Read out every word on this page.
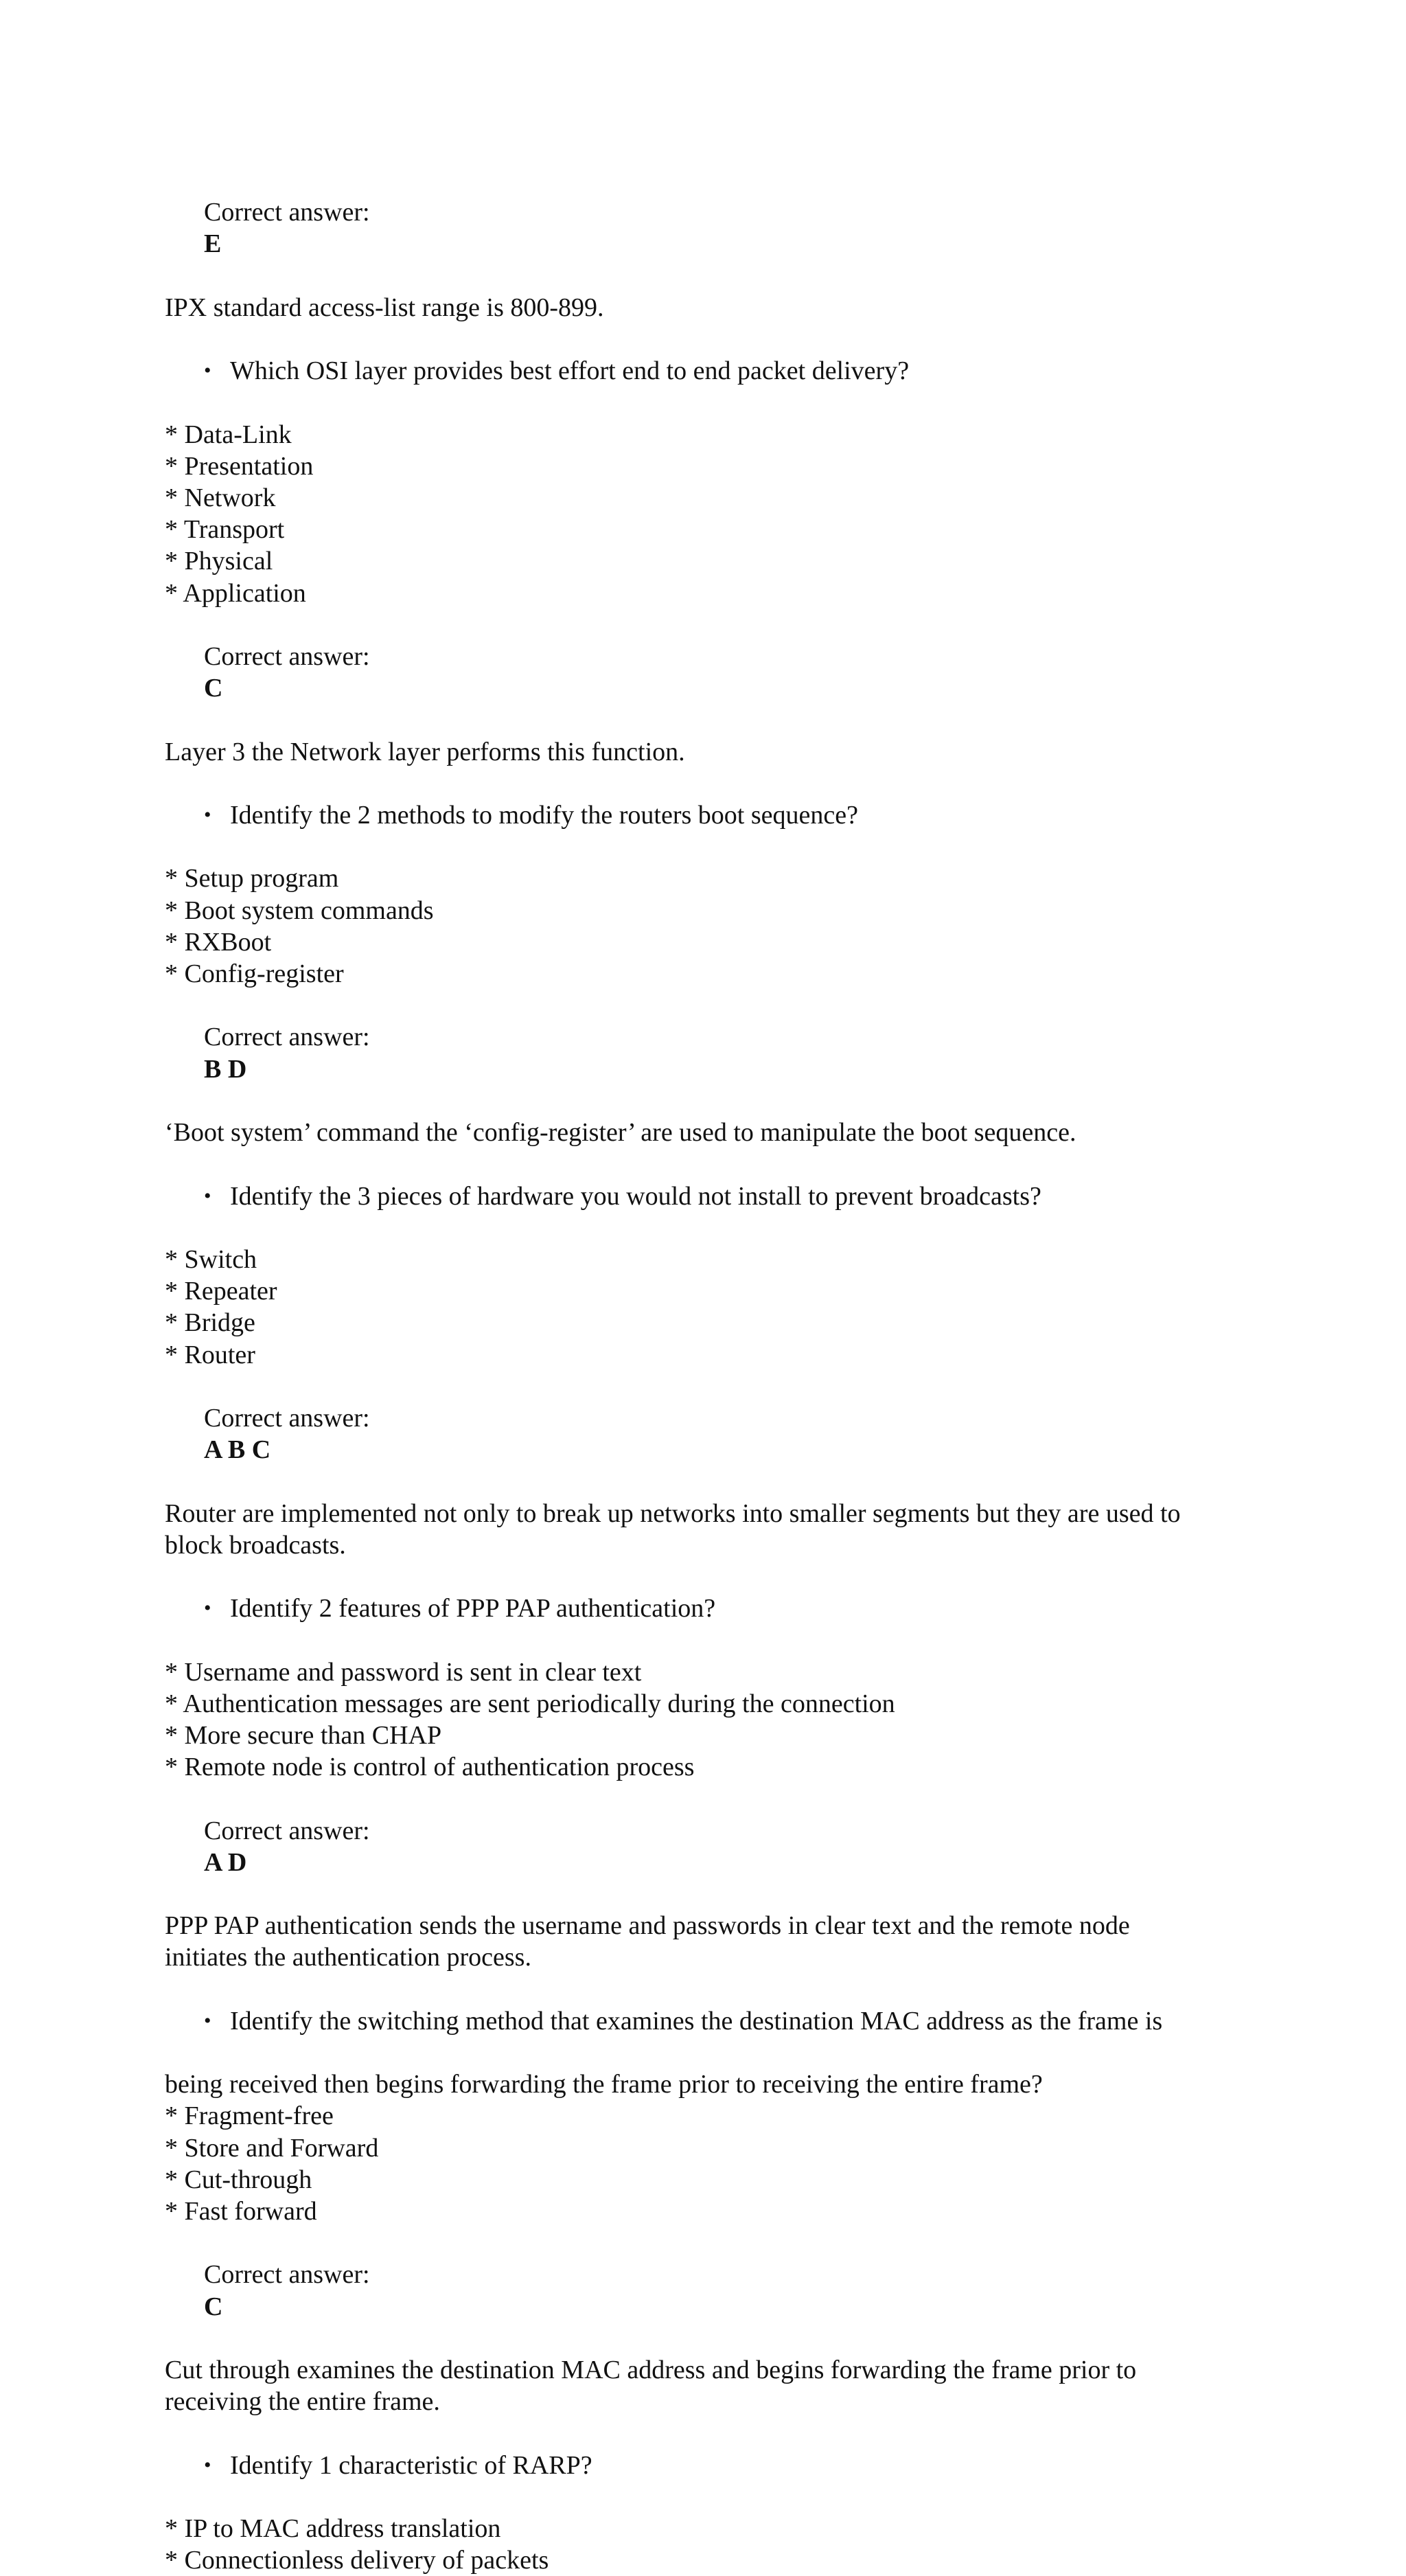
Correct answer:
E

IPX standard access-list range is 800-899.

• Which OSI layer provides best effort end to end packet delivery?

* Data-Link
* Presentation
* Network
* Transport
* Physical
* Application

Correct answer:
C

Layer 3 the Network layer performs this function.

• Identify the 2 methods to modify the routers boot sequence?

* Setup program
* Boot system commands
* RXBoot
* Config-register

Correct answer:
B D

‘Boot system’ command the ‘config-register’ are used to manipulate the boot sequence.

• Identify the 3 pieces of hardware you would not install to prevent broadcasts?

* Switch
* Repeater
* Bridge
* Router

Correct answer:
A B C

Router are implemented not only to break up networks into smaller segments but they are used to
block broadcasts.

• Identify 2 features of PPP PAP authentication?

* Username and password is sent in clear text
* Authentication messages are sent periodically during the connection
* More secure than CHAP
* Remote node is control of authentication process

Correct answer:
A D

PPP PAP authentication sends the username and passwords in clear text and the remote node
initiates the authentication process.

• Identify the switching method that examines the destination MAC address as the frame is

being received then begins forwarding the frame prior to receiving the entire frame?
* Fragment-free
* Store and Forward
* Cut-through
* Fast forward

Correct answer:
C

Cut through examines the destination MAC address and begins forwarding the frame prior to
receiving the entire frame.

• Identify 1 characteristic of RARP?

* IP to MAC address translation
* Connectionless delivery of packets
